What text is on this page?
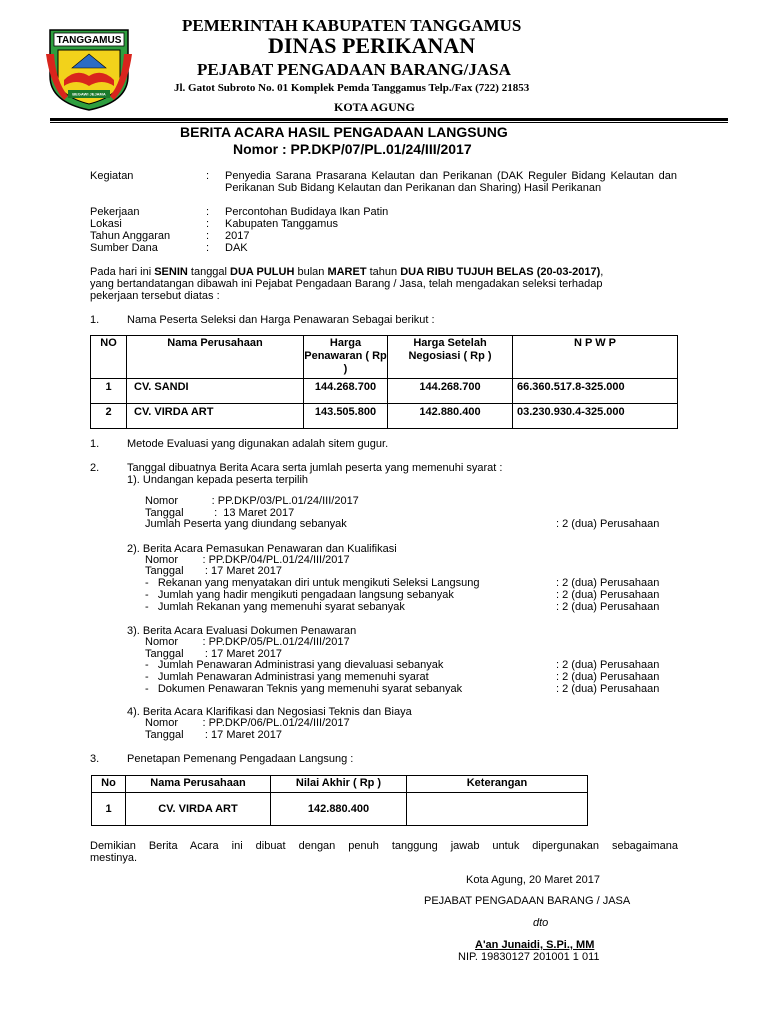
TANGGAMUS
BEGAWI JEJAMA
PEMERINTAH KABUPATEN TANGGAMUS
DINAS PERIKANAN
PEJABAT PENGADAAN BARANG/JASA
Jl. Gatot Subroto No. 01 Komplek Pemda Tanggamus Telp./Fax (722) 21853
KOTA AGUNG
BERITA ACARA HASIL PENGADAAN LANGSUNG
Nomor : PP.DKP/07/PL.01/24/III/2017
Kegiatan	: Penyedia Sarana Prasarana Kelautan dan Perikanan (DAK Reguler Bidang Kelautan dan Perikanan Sub Bidang Kelautan dan Perikanan dan Sharing) Hasil Perikanan
Pekerjaan	: Percontohan Budidaya Ikan Patin
Lokasi	: Kabupaten Tanggamus
Tahun Anggaran	: 2017
Sumber Dana	: DAK
Pada hari ini SENIN tanggal DUA PULUH bulan MARET tahun DUA RIBU TUJUH BELAS (20-03-2017),
yang bertandatangan dibawah ini Pejabat Pengadaan Barang / Jasa, telah mengadakan seleksi terhadap
pekerjaan tersebut diatas :
1.	Nama Peserta Seleksi dan Harga Penawaran Sebagai berikut :
NO	Nama Perusahaan	Harga Penawaran ( Rp )	Harga Setelah Negosiasi ( Rp )	N P W P
1	CV. SANDI	144.268.700	144.268.700	66.360.517.8-325.000
2	CV. VIRDA ART	143.505.800	142.880.400	03.230.930.4-325.000
1.	Metode Evaluasi yang digunakan adalah sitem gugur.
2.	Tanggal dibuatnya Berita Acara serta jumlah peserta yang memenuhi syarat :
1). Undangan kepada peserta terpilih
Nomor           : PP.DKP/03/PL.01/24/III/2017
Tanggal          :  13 Maret 2017
Jumlah Peserta yang diundang sebanyak	: 2 (dua) Perusahaan
2). Berita Acara Pemasukan Penawaran dan Kualifikasi
Nomor        : PP.DKP/04/PL.01/24/III/2017
Tanggal       : 17 Maret 2017
-   Rekanan yang menyatakan diri untuk mengikuti Seleksi Langsung	: 2 (dua) Perusahaan
-   Jumlah yang hadir mengikuti pengadaan langsung sebanyak	: 2 (dua) Perusahaan
-   Jumlah Rekanan yang memenuhi syarat sebanyak	: 2 (dua) Perusahaan
3). Berita Acara Evaluasi Dokumen Penawaran
Nomor        : PP.DKP/05/PL.01/24/III/2017
Tanggal       : 17 Maret 2017
-   Jumlah Penawaran Administrasi yang dievaluasi sebanyak	: 2 (dua) Perusahaan
-   Jumlah Penawaran Administrasi yang memenuhi syarat	: 2 (dua) Perusahaan
-   Dokumen Penawaran Teknis yang memenuhi syarat sebanyak	: 2 (dua) Perusahaan
4). Berita Acara Klarifikasi dan Negosiasi Teknis dan Biaya
Nomor        : PP.DKP/06/PL.01/24/III/2017
Tanggal       : 17 Maret 2017
3.	Penetapan Pemenang Pengadaan Langsung :
No	Nama Perusahaan	Nilai Akhir ( Rp )	Keterangan
1	CV. VIRDA ART	142.880.400	
Demikian Berita Acara ini dibuat dengan penuh tanggung jawab untuk dipergunakan sebagaimana
mestinya.
Kota Agung, 20 Maret 2017
PEJABAT PENGADAAN BARANG / JASA
dto
A'an Junaidi, S.Pi., MM
NIP. 19830127 201001 1 011
